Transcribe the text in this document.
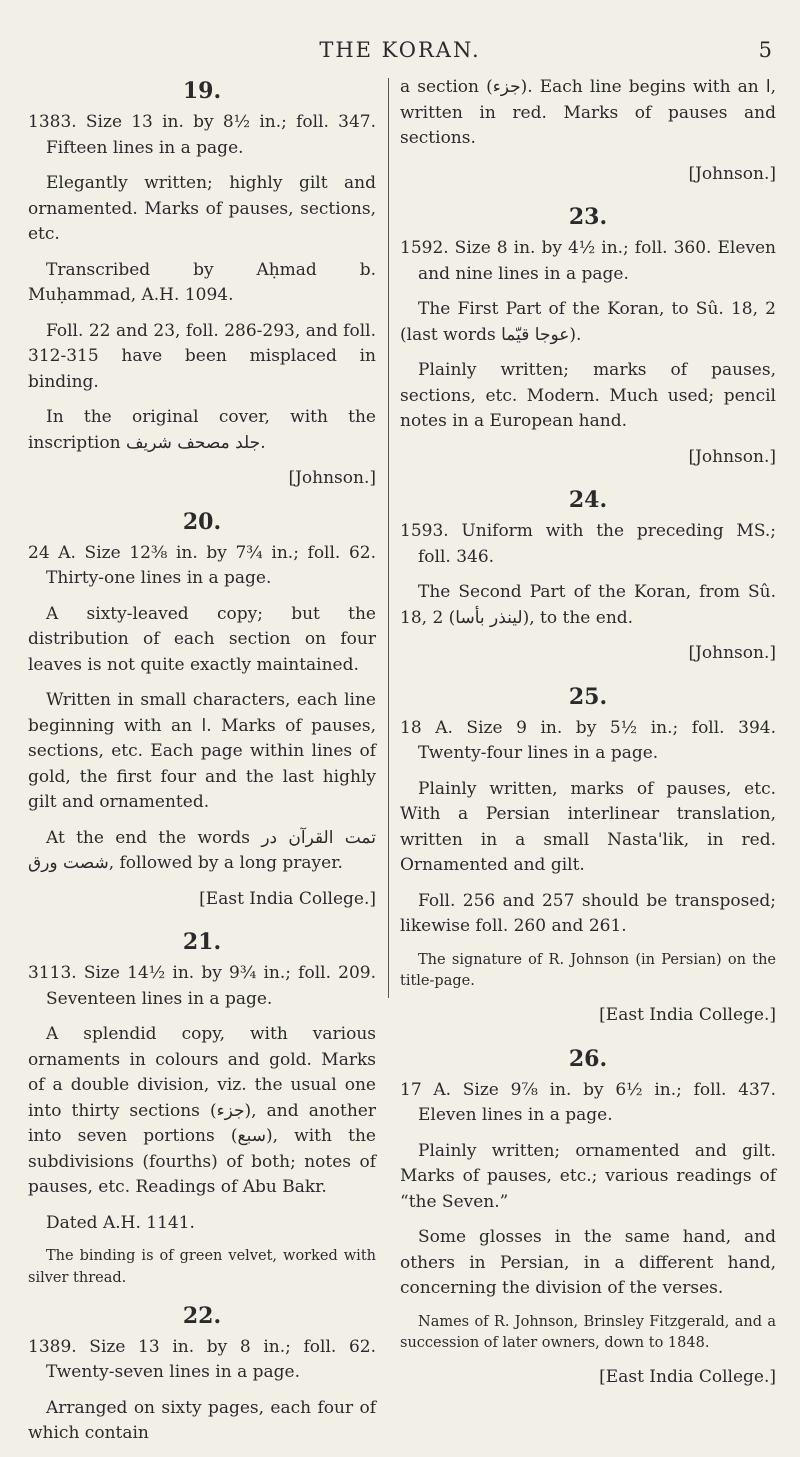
THE KORAN.	5
19.

1383. Size 13 in. by 8½ in.; foll. 347. Fifteen lines in a page.

Elegantly written; highly gilt and ornamented. Marks of pauses, sections, etc.

Transcribed by Aḥmad b. Muḥammad, A.H. 1094.

Foll. 22 and 23, foll. 286-293, and foll. 312-315 have been misplaced in binding.

In the original cover, with the inscription جلد مصحف شريف.

[Johnson.]

20.

24 A. Size 12⅜ in. by 7¾ in.; foll. 62. Thirty-one lines in a page.

A sixty-leaved copy; but the distribution of each section on four leaves is not quite exactly maintained.

Written in small characters, each line beginning with an ا. Marks of pauses, sections, etc. Each page within lines of gold, the first four and the last highly gilt and ornamented.

At the end the words تمت القرآن در شصت ورق, followed by a long prayer.

[East India College.]

21.

3113. Size 14½ in. by 9¾ in.; foll. 209. Seventeen lines in a page.

A splendid copy, with various ornaments in colours and gold. Marks of a double division, viz. the usual one into thirty sections (جزء), and another into seven portions (سبع), with the subdivisions (fourths) of both; notes of pauses, etc. Readings of Abu Bakr.

Dated A.H. 1141.

The binding is of green velvet, worked with silver thread.

22.

1389. Size 13 in. by 8 in.; foll. 62. Twenty-seven lines in a page.

Arranged on sixty pages, each four of which contain

a section (جزء). Each line begins with an ا, written in red. Marks of pauses and sections.

[Johnson.]

23.

1592. Size 8 in. by 4½ in.; foll. 360. Eleven and nine lines in a page.

The First Part of the Koran, to Sû. 18, 2 (last words عوجا قيّما).

Plainly written; marks of pauses, sections, etc. Modern. Much used; pencil notes in a European hand.

[Johnson.]

24.

1593. Uniform with the preceding MS.; foll. 346.

The Second Part of the Koran, from Sû. 18, 2 (لينذر بأسا), to the end.

[Johnson.]

25.

18 A. Size 9 in. by 5½ in.; foll. 394. Twenty-four lines in a page.

Plainly written, marks of pauses, etc. With a Persian interlinear translation, written in a small Nasta'lik, in red. Ornamented and gilt.

Foll. 256 and 257 should be transposed; likewise foll. 260 and 261.

The signature of R. Johnson (in Persian) on the title-page.

[East India College.]

26.

17 A. Size 9⅞ in. by 6½ in.; foll. 437. Eleven lines in a page.

Plainly written; ornamented and gilt. Marks of pauses, etc.; various readings of “the Seven.”

Some glosses in the same hand, and others in Persian, in a different hand, concerning the division of the verses.

Names of R. Johnson, Brinsley Fitzgerald, and a succession of later owners, down to 1848.

[East India College.]
